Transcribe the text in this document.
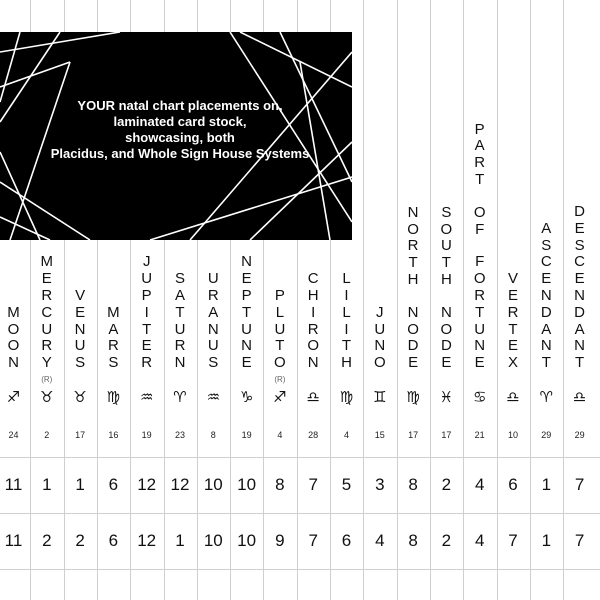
M
O
O
N
♐
24
11
11
M
E
R
C
U
R
Y
(R)
♉
2
1
2
V
E
N
U
S
♉
17
1
2
M
A
R
S
♍
16
6
6
J
U
P
I
T
E
R
♒
19
12
12
S
A
T
U
R
N
♈
23
12
1
U
R
A
N
U
S
♒
8
10
10
N
E
P
T
U
N
E
♑
19
10
10
P
L
U
T
O
(R)
♐
4
8
9
C
H
I
R
O
N
♎
28
7
7
L
I
L
I
T
H
♍
4
5
6
J
U
N
O
♊
15
3
4
N
O
R
T
H
N
O
D
E
♍
17
8
8
S
O
U
T
H
N
O
D
E
♓
17
2
2
P
A
R
T
O
F
F
O
R
T
U
N
E
♋
21
4
4
V
E
R
T
E
X
♎
10
6
7
A
S
C
E
N
D
A
N
T
♈
29
1
1
D
E
S
C
E
N
D
A
N
T
♎
29
7
7
YOUR natal chart placements on,
laminated card stock,
showcasing, both
Placidus, and Whole Sign House Systems
